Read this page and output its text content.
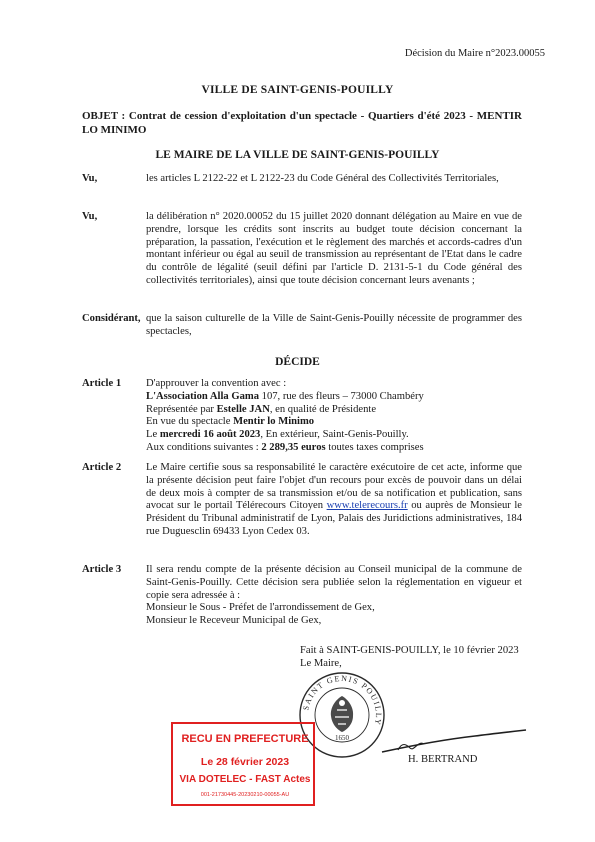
Décision du Maire n°2023.00055
VILLE DE SAINT-GENIS-POUILLY
OBJET : Contrat de cession d'exploitation d'un spectacle - Quartiers d'été 2023 - MENTIR LO MINIMO
LE MAIRE DE LA VILLE DE SAINT-GENIS-POUILLY
Vu,	les articles L 2122-22 et L 2122-23 du Code Général des Collectivités Territoriales,
Vu,	la délibération n° 2020.00052 du 15 juillet 2020 donnant délégation au Maire en vue de prendre, lorsque les crédits sont inscrits au budget toute décision concernant la préparation, la passation, l'exécution et le règlement des marchés et accords-cadres d'un montant inférieur ou égal au seuil de transmission au représentant de l'Etat dans le cadre du contrôle de légalité (seuil défini par l'article D. 2131-5-1 du Code général des collectivités territoriales), ainsi que toute décision concernant leurs avenants ;
Considérant, que la saison culturelle de la Ville de Saint-Genis-Pouilly nécessite de programmer des spectacles,
DÉCIDE
Article 1	D'approuver la convention avec :

L'Association Alla Gama 107, rue des fleurs – 73000 Chambéry

Représentée par Estelle JAN, en qualité de Présidente

En vue du spectacle Mentir lo Minimo

Le mercredi 16 août 2023, En extérieur, Saint-Genis-Pouilly.

Aux conditions suivantes : 2 289,35 euros toutes taxes comprises

Article 2	Le Maire certifie sous sa responsabilité le caractère exécutoire de cet acte, informe que la présente décision peut faire l'objet d'un recours pour excès de pouvoir dans un délai de deux mois à compter de sa transmission et/ou de sa notification et publication, sans avocat sur le portail Télérecours Citoyen www.telerecours.fr ou auprès de Monsieur le Président du Tribunal administratif de Lyon, Palais des Juridictions administratives, 184 rue Duguesclin 69433 Lyon Cedex 03.
Article 3	Il sera rendu compte de la présente décision au Conseil municipal de la commune de Saint-Genis-Pouilly. Cette décision sera publiée selon la réglementation en vigueur et copie sera adressée à :

Monsieur le Sous - Préfet de l'arrondissement de Gex,

Monsieur le Receveur Municipal de Gex,

Fait à SAINT-GENIS-POUILLY, le 10 février 2023
Le Maire,
SAINT GENIS POUILLY
1650
H. BERTRAND
RECU EN PREFECTURE
Le 28 février 2023
VIA DOTELEC - FAST Actes
001-21730445-20230210-00055-AU
